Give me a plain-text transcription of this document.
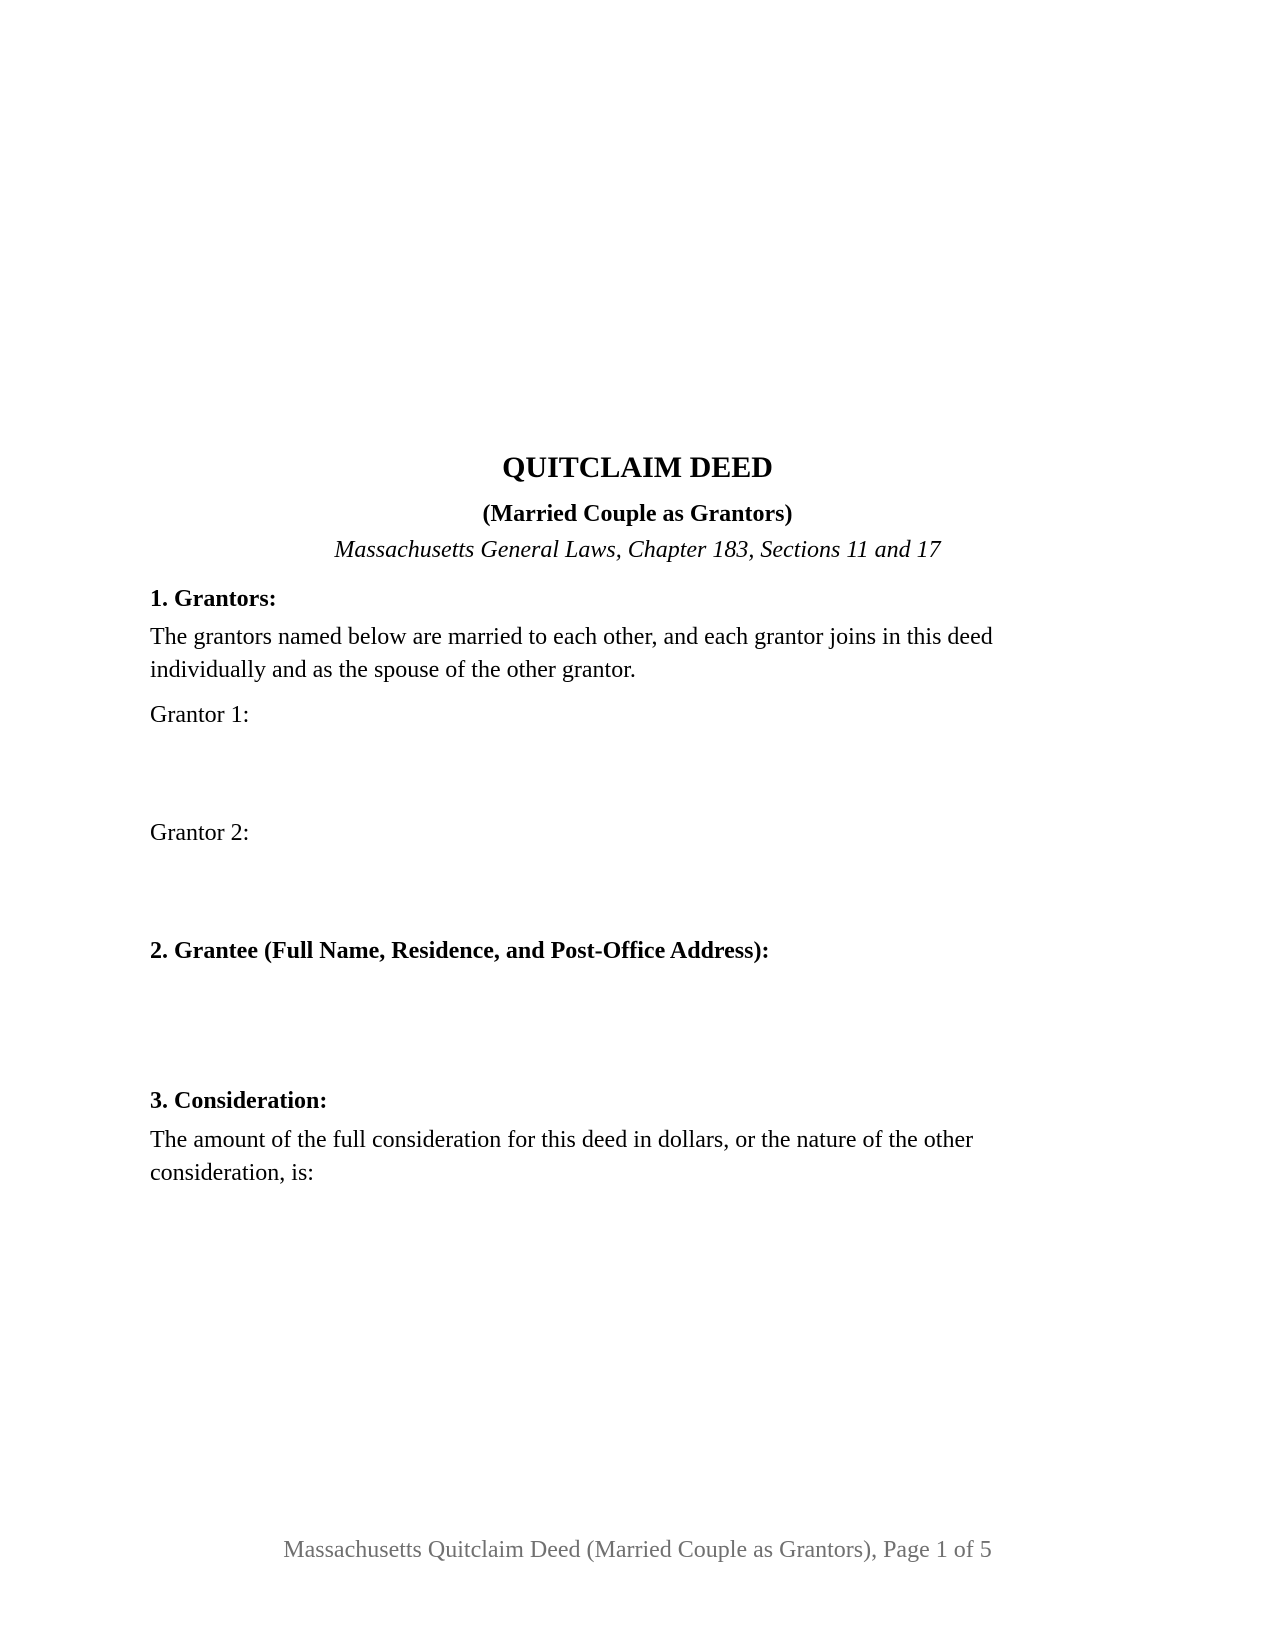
QUITCLAIM DEED
(Married Couple as Grantors)
Massachusetts General Laws, Chapter 183, Sections 11 and 17
1. Grantors:
The grantors named below are married to each other, and each grantor joins in this deed individually and as the spouse of the other grantor.
Grantor 1:
Grantor 2:
2. Grantee (Full Name, Residence, and Post-Office Address):
3. Consideration:
The amount of the full consideration for this deed in dollars, or the nature of the other consideration, is:
Massachusetts Quitclaim Deed (Married Couple as Grantors), Page 1 of 5
